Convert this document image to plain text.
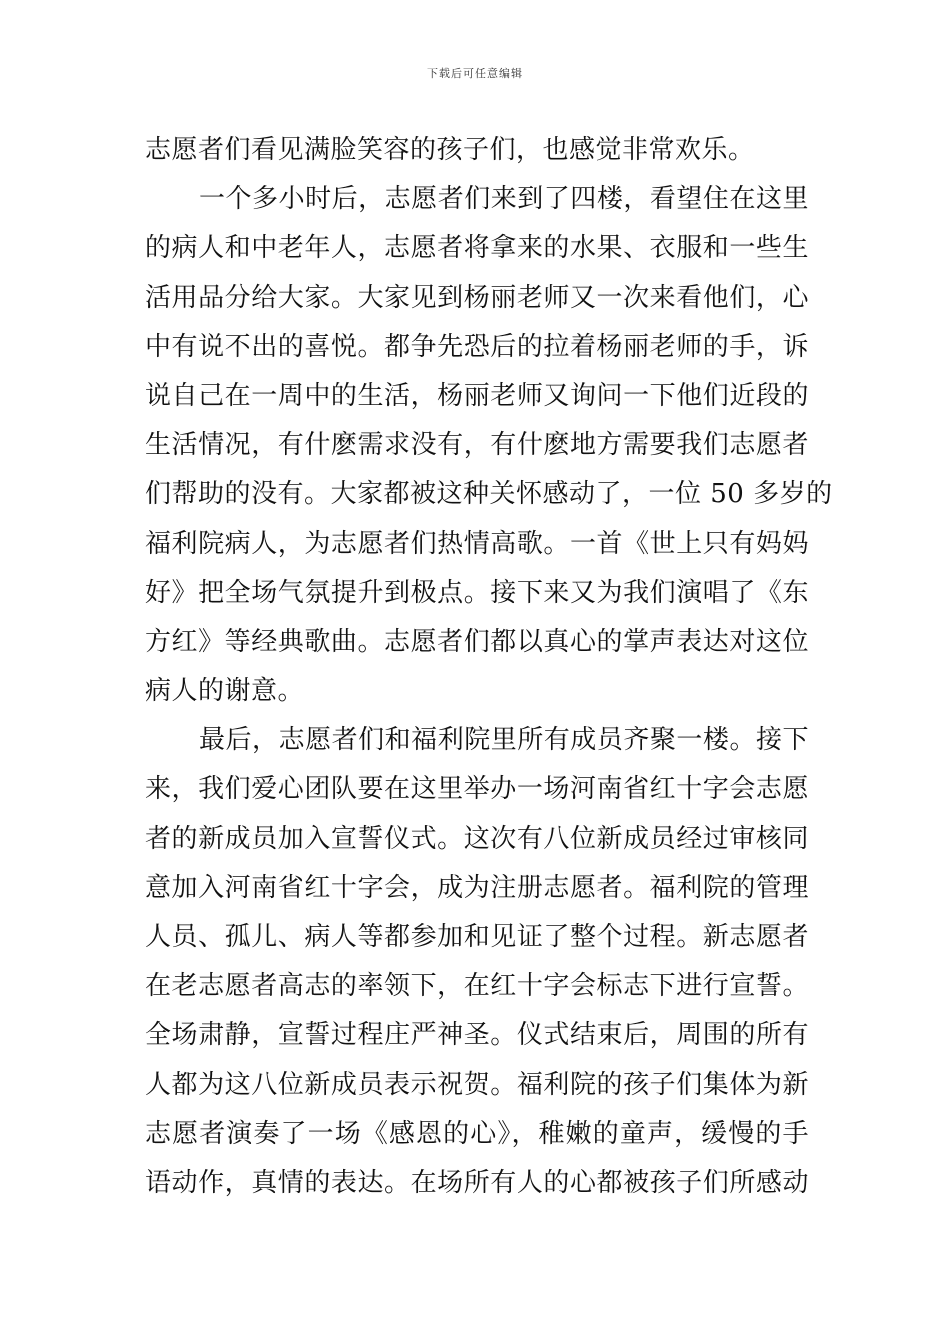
下载后可任意编辑
志愿者们看见满脸笑容的孩子们，也感觉非常欢乐。
一个多小时后，志愿者们来到了四楼，看望住在这里
的病人和中老年人，志愿者将拿来的水果、衣服和一些生
活用品分给大家。大家见到杨丽老师又一次来看他们，心
中有说不出的喜悦。都争先恐后的拉着杨丽老师的手，诉
说自己在一周中的生活，杨丽老师又询问一下他们近段的
生活情况，有什麽需求没有，有什麽地方需要我们志愿者
们帮助的没有。大家都被这种关怀感动了，一位 50 多岁的
福利院病人，为志愿者们热情高歌。一首《世上只有妈妈
好》把全场气氛提升到极点。接下来又为我们演唱了《东
方红》等经典歌曲。志愿者们都以真心的掌声表达对这位
病人的谢意。
最后，志愿者们和福利院里所有成员齐聚一楼。接下
来，我们爱心团队要在这里举办一场河南省红十字会志愿
者的新成员加入宣誓仪式。这次有八位新成员经过审核同
意加入河南省红十字会，成为注册志愿者。福利院的管理
人员、孤儿、病人等都参加和见证了整个过程。新志愿者
在老志愿者高志的率领下，在红十字会标志下进行宣誓。
全场肃静，宣誓过程庄严神圣。仪式结束后，周围的所有
人都为这八位新成员表示祝贺。福利院的孩子们集体为新
志愿者演奏了一场《感恩的心》，稚嫩的童声，缓慢的手
语动作，真情的表达。在场所有人的心都被孩子们所感动
